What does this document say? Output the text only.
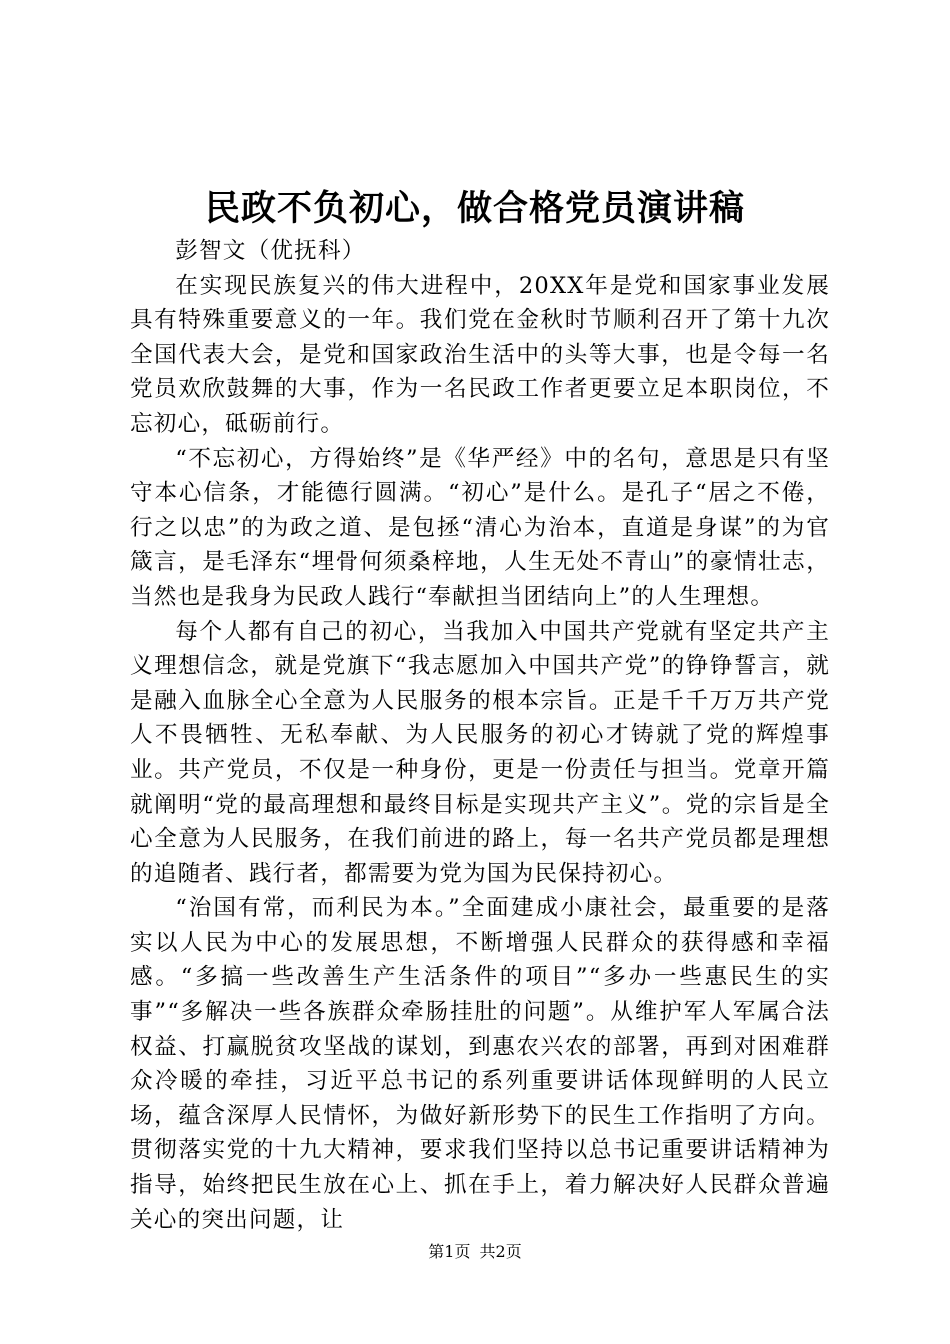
民政不负初心，做合格党员演讲稿

彭智文（优抚科）

在实现民族复兴的伟大进程中，20XX年是党和国家事业发展具有特殊重要意义的一年。我们党在金秋时节顺利召开了第十九次全国代表大会，是党和国家政治生活中的头等大事，也是令每一名党员欢欣鼓舞的大事，作为一名民政工作者更要立足本职岗位，不忘初心，砥砺前行。

“不忘初心，方得始终”是《华严经》中的名句，意思是只有坚守本心信条，才能德行圆满。“初心”是什么。是孔子“居之不倦，行之以忠”的为政之道、是包拯“清心为治本，直道是身谋”的为官箴言，是毛泽东“埋骨何须桑梓地，人生无处不青山”的豪情壮志，当然也是我身为民政人践行“奉献担当团结向上”的人生理想。

每个人都有自己的初心，当我加入中国共产党就有坚定共产主义理想信念，就是党旗下“我志愿加入中国共产党”的铮铮誓言，就是融入血脉全心全意为人民服务的根本宗旨。正是千千万万共产党人不畏牺牲、无私奉献、为人民服务的初心才铸就了党的辉煌事业。共产党员，不仅是一种身份，更是一份责任与担当。党章开篇就阐明“党的最高理想和最终目标是实现共产主义”。党的宗旨是全心全意为人民服务，在我们前进的路上，每一名共产党员都是理想的追随者、践行者，都需要为党为国为民保持初心。

“治国有常，而利民为本。”全面建成小康社会，最重要的是落实以人民为中心的发展思想，不断增强人民群众的获得感和幸福感。“多搞一些改善生产生活条件的项目”“多办一些惠民生的实事”“多解决一些各族群众牵肠挂肚的问题”。从维护军人军属合法权益、打赢脱贫攻坚战的谋划，到惠农兴农的部署，再到对困难群众冷暖的牵挂，习近平总书记的系列重要讲话体现鲜明的人民立场，蕴含深厚人民情怀，为做好新形势下的民生工作指明了方向。贯彻落实党的十九大精神，要求我们坚持以总书记重要讲话精神为指导，始终把民生放在心上、抓在手上，着力解决好人民群众普遍关心的突出问题，让

第1页 共2页
